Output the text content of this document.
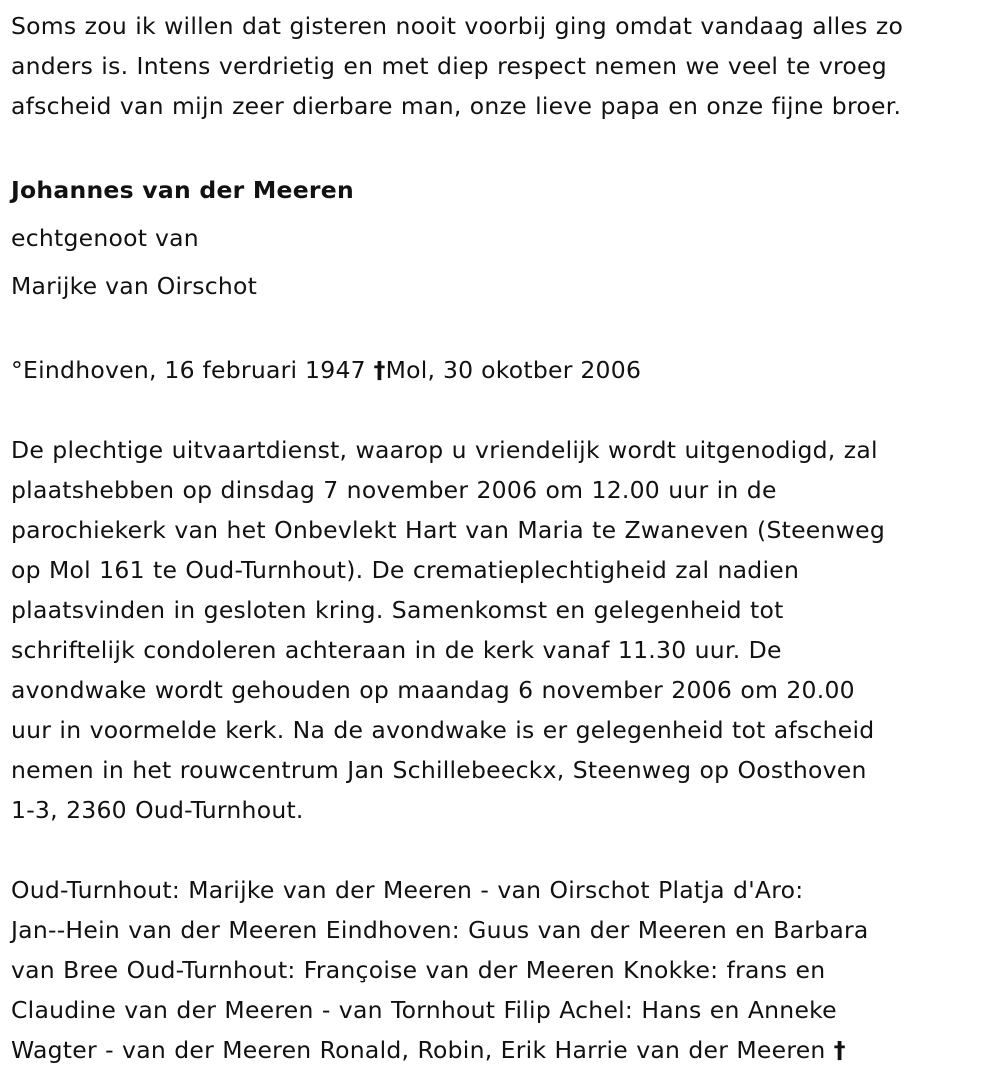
Soms zou ik willen dat gisteren nooit voorbij ging omdat vandaag alles zo
anders is. Intens verdrietig en met diep respect nemen we veel te vroeg
afscheid van mijn zeer dierbare man, onze lieve papa en onze fijne broer.

Johannes van der Meeren

echtgenoot van

Marijke van Oirschot

°Eindhoven, 16 februari 1947 †Mol, 30 okotber 2006

De plechtige uitvaartdienst, waarop u vriendelijk wordt uitgenodigd, zal
plaatshebben op dinsdag 7 november 2006 om 12.00 uur in de
parochiekerk van het Onbevlekt Hart van Maria te Zwaneven (Steenweg
op Mol 161 te Oud-Turnhout). De crematieplechtigheid zal nadien
plaatsvinden in gesloten kring. Samenkomst en gelegenheid tot
schriftelijk condoleren achteraan in de kerk vanaf 11.30 uur. De
avondwake wordt gehouden op maandag 6 november 2006 om 20.00
uur in voormelde kerk. Na de avondwake is er gelegenheid tot afscheid
nemen in het rouwcentrum Jan Schillebeeckx, Steenweg op Oosthoven
1-3, 2360 Oud-Turnhout.

Oud-Turnhout: Marijke van der Meeren - van Oirschot Platja d'Aro:
Jan--Hein van der Meeren Eindhoven: Guus van der Meeren en Barbara
van Bree Oud-Turnhout: Françoise van der Meeren Knokke: frans en
Claudine van der Meeren - van Tornhout Filip Achel: Hans en Anneke
Wagter - van der Meeren Ronald, Robin, Erik Harrie van der Meeren †
